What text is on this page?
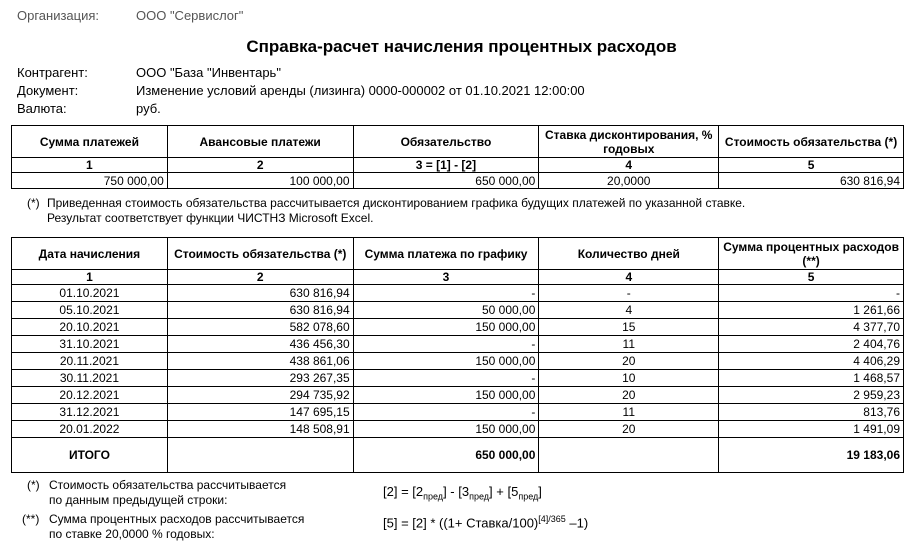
Организация:	ООО "Сервислог"
Справка-расчет начисления процентных расходов
Контрагент:	ООО "База "Инвентарь"
Документ:	Изменение условий аренды (лизинга) 0000-000002 от 01.10.2021 12:00:00
Валюта:	руб.
Сумма платежей	Авансовые платежи	Обязательство	Ставка дисконтирования, % годовых	Стоимость обязательства (*)
1	2	3 = [1] - [2]	4	5
750 000,00	100 000,00	650 000,00	20,0000	630 816,94
(*) Приведенная стоимость обязательства рассчитывается дисконтированием графика будущих платежей по указанной ставке.
Результат соответствует функции ЧИСТНЗ Microsoft Excel.
Дата начисления	Стоимость обязательства (*)	Сумма платежа по графику	Количество дней	Сумма процентных расходов (**)
1	2	3	4	5
01.10.2021	630 816,94	-	-	-
05.10.2021	630 816,94	50 000,00	4	1 261,66
20.10.2021	582 078,60	150 000,00	15	4 377,70
31.10.2021	436 456,30	-	11	2 404,76
20.11.2021	438 861,06	150 000,00	20	4 406,29
30.11.2021	293 267,35	-	10	1 468,57
20.12.2021	294 735,92	150 000,00	20	2 959,23
31.12.2021	147 695,15	-	11	813,76
20.01.2022	148 508,91	150 000,00	20	1 491,09
ИТОГО		650 000,00		19 183,06
(*) Стоимость обязательства рассчитывается
по данным предыдущей строки:
(**) Сумма процентных расходов рассчитывается
по ставке 20,0000 % годовых:
$[2] = [2_{пред}] - [3_{пред}] + [5_{пред}]$
[5] = [2] * ((1+ Ставка/100)$^{[4]/365}$ –1)
